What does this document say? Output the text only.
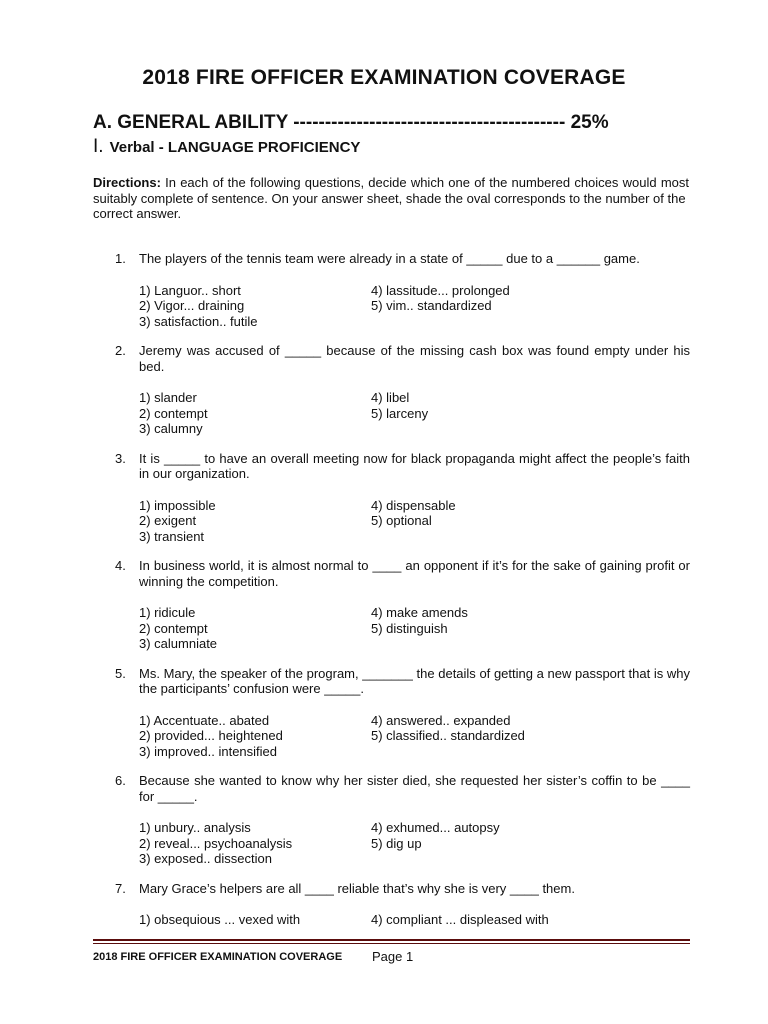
2018 FIRE OFFICER EXAMINATION COVERAGE
A. GENERAL ABILITY ------------------------------------------- 25%
I. Verbal - LANGUAGE PROFICIENCY
Directions: In each of the following questions, decide which one of the numbered choices would most suitably complete of sentence. On your answer sheet, shade the oval corresponds to the number of the
correct answer.
1. The players of the tennis team were already in a state of _____ due to a ______ game.
1) Languor.. short	4) lassitude... prolonged
2) Vigor... draining	5) vim.. standardized
3) satisfaction.. futile
2. Jeremy was accused of _____ because of the missing cash box was found empty under his bed.
1) slander	4) libel
2) contempt	5) larceny
3) calumny
3. It is _____ to have an overall meeting now for black propaganda might affect the people’s faith in our organization.
1) impossible	4) dispensable
2) exigent	5) optional
3) transient
4. In business world, it is almost normal to ____ an opponent if it’s for the sake of gaining profit or winning the competition.
1) ridicule	4) make amends
2) contempt	5) distinguish
3) calumniate
5. Ms. Mary, the speaker of the program, _______ the details of getting a new passport that is why the participants’ confusion were _____.
1) Accentuate.. abated	4) answered.. expanded
2) provided... heightened	5) classified.. standardized
3) improved.. intensified
6. Because she wanted to know why her sister died, she requested her sister’s coffin to be ____ for _____.
1) unbury.. analysis	4) exhumed... autopsy
2) reveal... psychoanalysis	5) dig up
3) exposed.. dissection
7. Mary Grace’s helpers are all ____ reliable that’s why she is very ____ them.
1) obsequious ... vexed with	4) compliant ... displeased with
2018 FIRE OFFICER EXAMINATION COVERAGE Page 1
